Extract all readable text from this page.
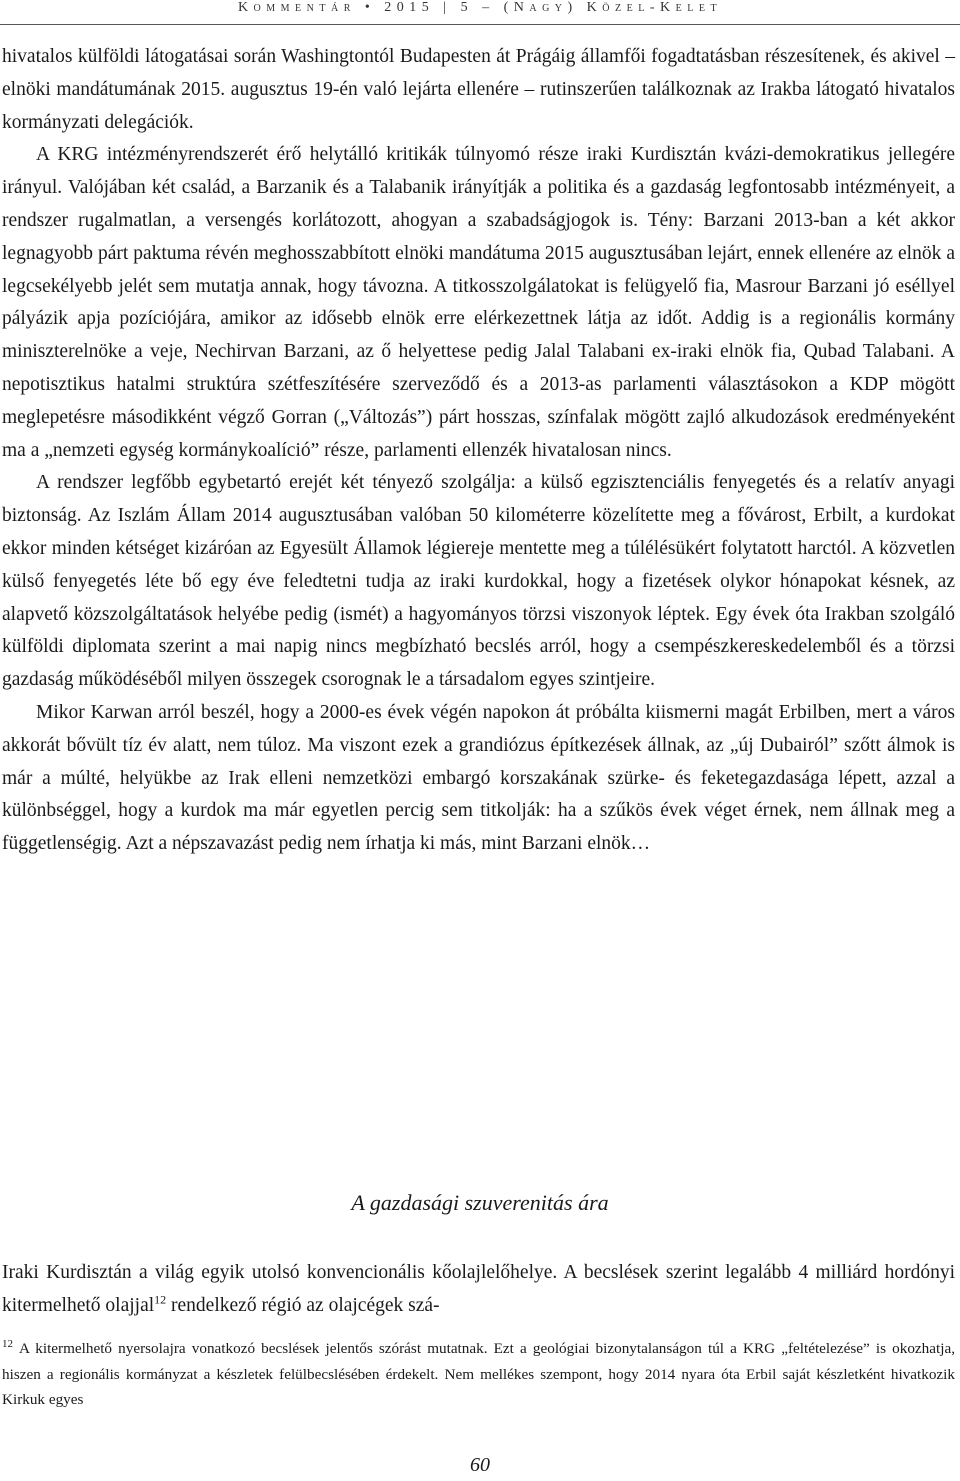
Kommentár • 2015 | 5 – (Nagy) Közel-Kelet

hivatalos külföldi látogatásai során Washingtontól Budapesten át Prágáig államfői fogadtatásban részesítenek, és akivel – elnöki mandátumának 2015. augusztus 19-én való lejárta ellenére – rutinszerűen találkoznak az Irakba látogató hivatalos kormányzati delegációk.

A KRG intézményrendszerét érő helytálló kritikák túlnyomó része iraki Kurdisztán kvázi-demokratikus jellegére irányul. Valójában két család, a Barzanik és a Talabanik irányítják a politika és a gazdaság legfontosabb intézményeit, a rendszer rugalmatlan, a versengés korlátozott, ahogyan a szabadságjogok is. Tény: Barzani 2013-ban a két akkor legnagyobb párt paktuma révén meghosszabbított elnöki mandátuma 2015 augusztusában lejárt, ennek ellenére az elnök a legcsekélyebb jelét sem mutatja annak, hogy távozna. A titkosszolgálatokat is felügyelő fia, Masrour Barzani jó eséllyel pályázik apja pozíciójára, amikor az idősebb elnök erre elérkezettnek látja az időt. Addig is a regionális kormány miniszterelnöke a veje, Nechirvan Barzani, az ő helyettese pedig Jalal Talabani ex-iraki elnök fia, Qubad Talabani. A nepotisztikus hatalmi struktúra szétfeszítésére szerveződő és a 2013-as parlamenti választásokon a KDP mögött meglepetésre másodikként végző Gorran („Változás”) párt hosszas, színfalak mögött zajló alkudozások eredményeként ma a „nemzeti egység kormánykoalíció” része, parlamenti ellenzék hivatalosan nincs.

A rendszer legfőbb egybetartó erejét két tényező szolgálja: a külső egzisztenciális fenyegetés és a relatív anyagi biztonság. Az Iszlám Állam 2014 augusztusában valóban 50 kilométerre közelítette meg a fővárost, Erbilt, a kurdokat ekkor minden kétséget kizáróan az Egyesült Államok légiereje mentette meg a túlélésükért folytatott harctól. A közvetlen külső fenyegetés léte bő egy éve feledtetni tudja az iraki kurdokkal, hogy a fizetések olykor hónapokat késnek, az alapvető közszolgáltatások helyébe pedig (ismét) a hagyományos törzsi viszonyok léptek. Egy évek óta Irakban szolgáló külföldi diplomata szerint a mai napig nincs megbízható becslés arról, hogy a csempészkereskedelemből és a törzsi gazdaság működéséből milyen összegek csorognak le a társadalom egyes szintjeire.

Mikor Karwan arról beszél, hogy a 2000-es évek végén napokon át próbálta kiismerni magát Erbilben, mert a város akkorát bővült tíz év alatt, nem túloz. Ma viszont ezek a grandiózus építkezések állnak, az „új Dubairól” szőtt álmok is már a múlté, helyükbe az Irak elleni nemzetközi embargó korszakának szürke- és feketegazdasága lépett, azzal a különbséggel, hogy a kurdok ma már egyetlen percig sem titkolják: ha a szűkös évek véget érnek, nem állnak meg a függetlenségig. Azt a népszavazást pedig nem írhatja ki más, mint Barzani elnök…

A gazdasági szuverenitás ára

Iraki Kurdisztán a világ egyik utolsó konvencionális kőolajlelőhelye. A becslések szerint legalább 4 milliárd hordónyi kitermelhető olajjal$^{12}$ rendelkező régió az olajcégek szá-

$^{12}$ A kitermelhető nyersolajra vonatkozó becslések jelentős szórást mutatnak. Ezt a geológiai bizonytalanságon túl a KRG „feltételezése” is okozhatja, hiszen a regionális kormányzat a készletek felülbecslésében érdekelt. Nem mellékes szempont, hogy 2014 nyara óta Erbil saját készletként hivatkozik Kirkuk egyes

60
